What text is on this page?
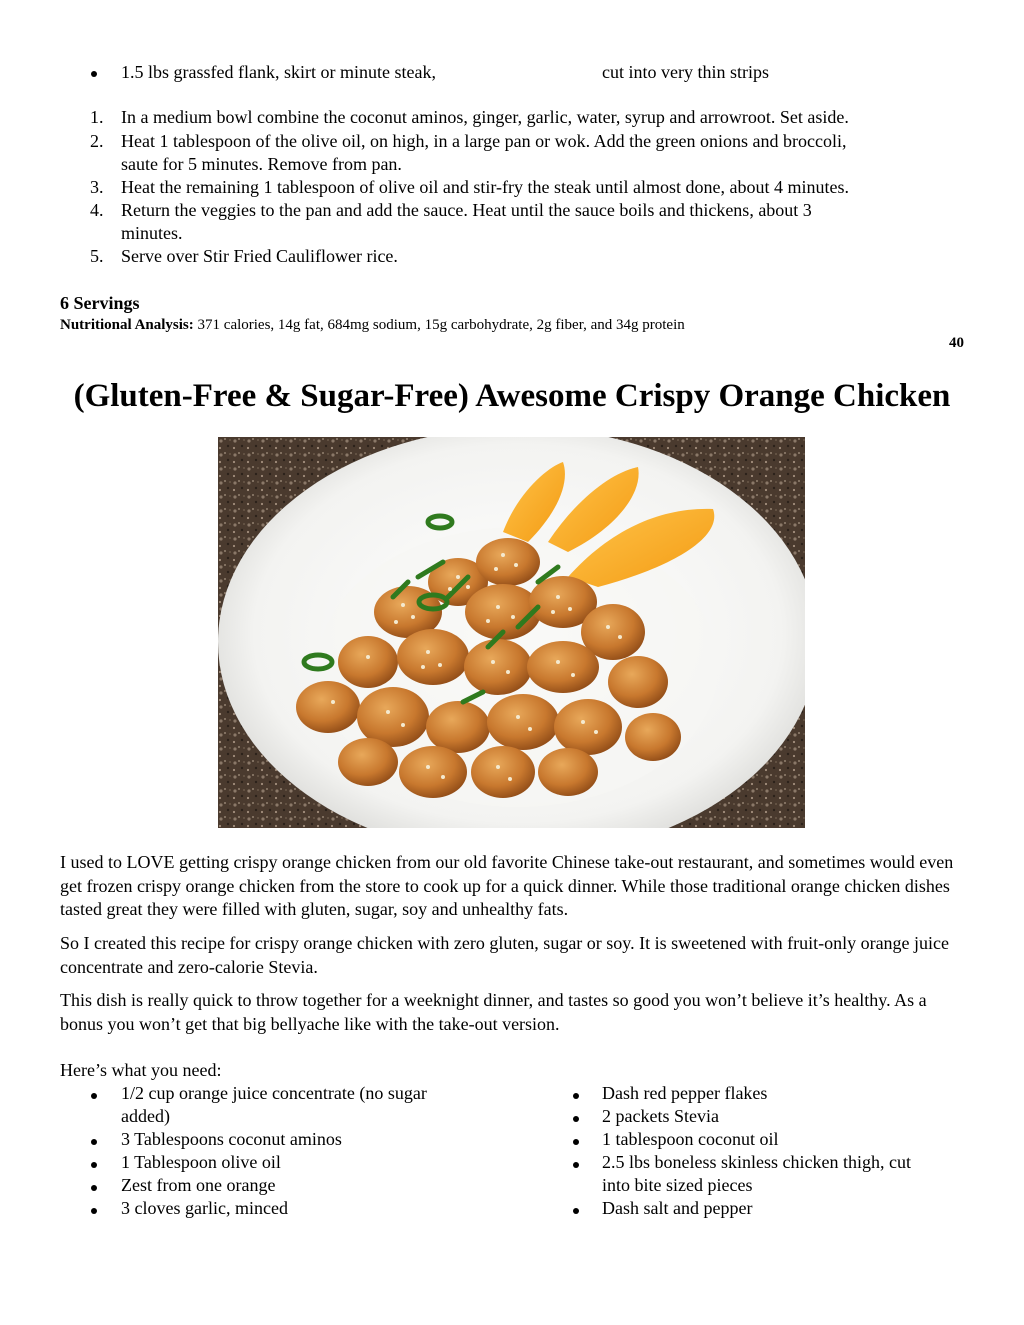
1.5 lbs grassfed flank, skirt or minute steak,	cut into very thin strips
1. In a medium bowl combine the coconut aminos, ginger, garlic, water, syrup and arrowroot. Set aside.
2. Heat 1 tablespoon of the olive oil, on high, in a large pan or wok. Add the green onions and broccoli,
saute for 5 minutes. Remove from pan.
3. Heat the remaining 1 tablespoon of olive oil and stir-fry the steak until almost done, about 4 minutes.
4. Return the veggies to the pan and add the sauce. Heat until the sauce boils and thickens, about 3
minutes.
5. Serve over Stir Fried Cauliflower rice.
6 Servings
Nutritional Analysis: 371 calories, 14g fat, 684mg sodium, 15g carbohydrate, 2g fiber, and 34g protein
40
(Gluten-Free & Sugar-Free) Awesome Crispy Orange Chicken
I used to LOVE getting crispy orange chicken from our old favorite Chinese take-out restaurant, and sometimes would even get frozen crispy orange chicken from the store to cook up for a quick dinner. While those traditional orange chicken dishes tasted great they were filled with gluten, sugar, soy and unhealthy fats.
So I created this recipe for crispy orange chicken with zero gluten, sugar or soy. It is sweetened with fruit-only orange juice concentrate and zero-calorie Stevia.
This dish is really quick to throw together for a weeknight dinner, and tastes so good you won’t believe it’s healthy. As a bonus you won’t get that big bellyache like with the take-out version.
Here’s what you need:
1/2 cup orange juice concentrate (no sugar
added)
3 Tablespoons coconut aminos
1 Tablespoon olive oil
Zest from one orange
3 cloves garlic, minced
Dash red pepper flakes
2 packets Stevia
1 tablespoon coconut oil
2.5 lbs boneless skinless chicken thigh, cut
into bite sized pieces
Dash salt and pepper
